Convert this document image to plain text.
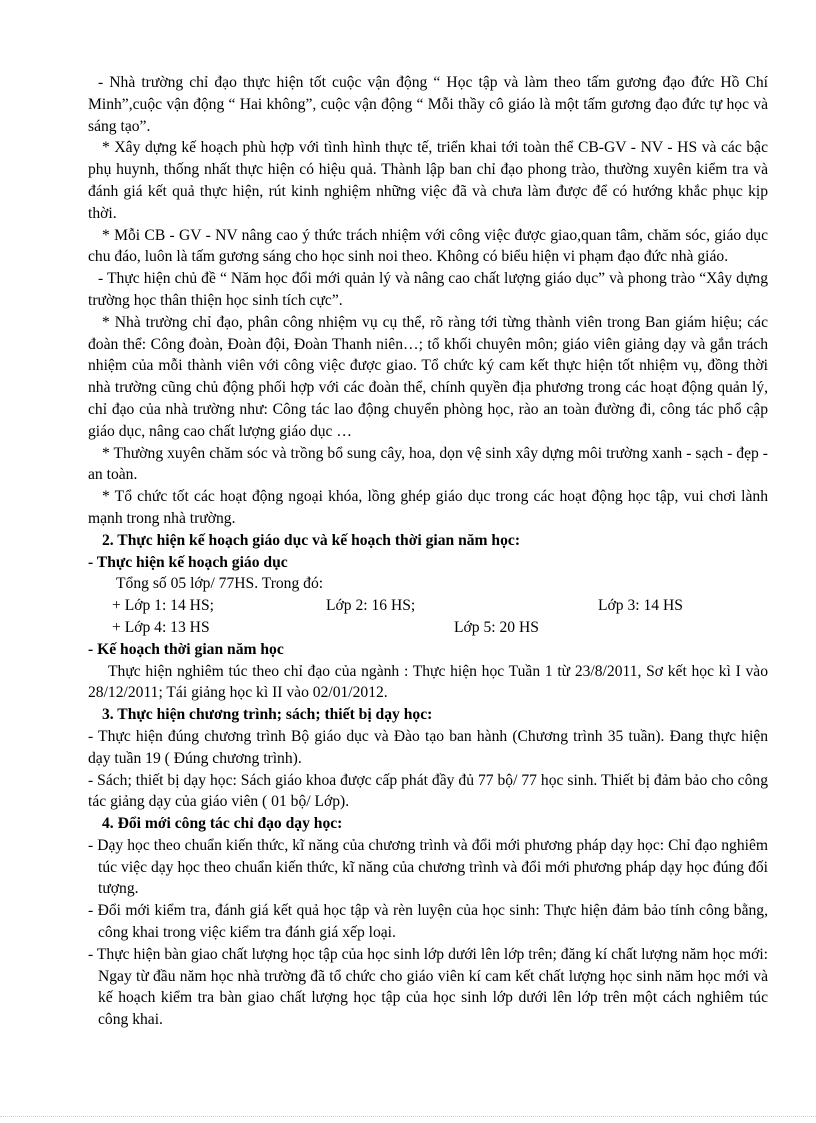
- Nhà trường chỉ đạo thực hiện tốt cuộc vận động “ Học tập và làm theo tấm gương đạo đức Hồ Chí Minh”,cuộc vận động “ Hai không”, cuộc vận động “ Mỗi thầy cô giáo là một tấm gương đạo đức tự học và sáng tạo”.

* Xây dựng kế hoạch phù hợp với tình hình thực tế, triển khai tới toàn thể CB-GV - NV - HS và các bậc phụ huynh, thống nhất thực hiện có hiệu quả. Thành lập ban chỉ đạo phong trào, thường xuyên kiểm tra và đánh giá kết quả thực hiện, rút kinh nghiệm những việc đã và chưa làm được để có hướng khắc phục kịp thời.

* Mỗi CB - GV - NV nâng cao ý thức trách nhiệm với công việc được giao,quan tâm, chăm sóc, giáo dục chu đáo, luôn là tấm gương sáng cho học sinh noi theo. Không có biểu hiện vi phạm đạo đức nhà giáo.

- Thực hiện chủ đề “ Năm học đổi mới quản lý và nâng cao chất lượng giáo dục” và phong trào “Xây dựng trường học thân thiện học sinh tích cực”.

* Nhà trường chỉ đạo, phân công nhiệm vụ cụ thể, rõ ràng tới từng thành viên trong Ban giám hiệu; các đoàn thể: Công đoàn, Đoàn đội, Đoàn Thanh niên…; tổ khối chuyên môn; giáo viên giảng dạy và gắn trách nhiệm của mỗi thành viên với công việc được giao. Tổ chức ký cam kết thực hiện tốt nhiệm vụ, đồng thời nhà trường cũng chủ động phối hợp với các đoàn thể, chính quyền địa phương trong các hoạt động quản lý, chỉ đạo của nhà trường như: Công tác lao động chuyển phòng học, rào an toàn đường đi, công tác phổ cập giáo dục, nâng cao chất lượng giáo dục …

* Thường xuyên chăm sóc và trồng bổ sung cây, hoa, dọn vệ sinh xây dựng môi trường xanh - sạch - đẹp - an toàn.

* Tổ chức tốt các hoạt động ngoại khóa, lồng ghép giáo dục trong các hoạt động học tập, vui chơi lành mạnh trong nhà trường.

2. Thực hiện kế hoạch giáo dục và kế hoạch thời gian năm học:

- Thực hiện kế hoạch giáo dục

Tổng số 05 lớp/ 77HS. Trong đó:

+ Lớp 1: 14 HS;	Lớp 2: 16 HS;	Lớp 3: 14 HS
+ Lớp 4: 13 HS	Lớp 5: 20 HS

- Kế hoạch thời gian năm học

Thực hiện nghiêm túc theo chỉ đạo của ngành : Thực hiện học Tuần 1 từ 23/8/2011, Sơ kết học kì I vào 28/12/2011; Tái giảng học kì II vào 02/01/2012.

3. Thực hiện chương trình; sách; thiết bị dạy học:

- Thực hiện đúng chương trình Bộ giáo dục và Đào tạo ban hành (Chương trình 35 tuần). Đang thực hiện dạy tuần 19 ( Đúng chương trình).

- Sách; thiết bị dạy học: Sách giáo khoa được cấp phát đầy đủ 77 bộ/ 77 học sinh. Thiết bị đảm bảo cho công tác giảng dạy của giáo viên ( 01 bộ/ Lớp).

4. Đổi mới công tác chỉ đạo dạy học:

- Dạy học theo chuẩn kiến thức, kĩ năng của chương trình và đổi mới phương pháp dạy học: Chỉ đạo nghiêm túc việc dạy học theo chuẩn kiến thức, kĩ năng của chương trình và đổi mới phương pháp dạy học đúng đối tượng.

- Đổi mới kiểm tra, đánh giá kết quả học tập và rèn luyện của học sinh: Thực hiện đảm bảo tính công bằng, công khai trong việc kiểm tra đánh giá xếp loại.

- Thực hiện bàn giao chất lượng học tập của học sinh lớp dưới lên lớp trên; đăng kí chất lượng năm học mới: Ngay từ đầu năm học nhà trường đã tổ chức cho giáo viên kí cam kết chất lượng học sinh năm học mới và kế hoạch kiểm tra bàn giao chất lượng học tập của học sinh lớp dưới lên lớp trên một cách nghiêm túc công khai.
